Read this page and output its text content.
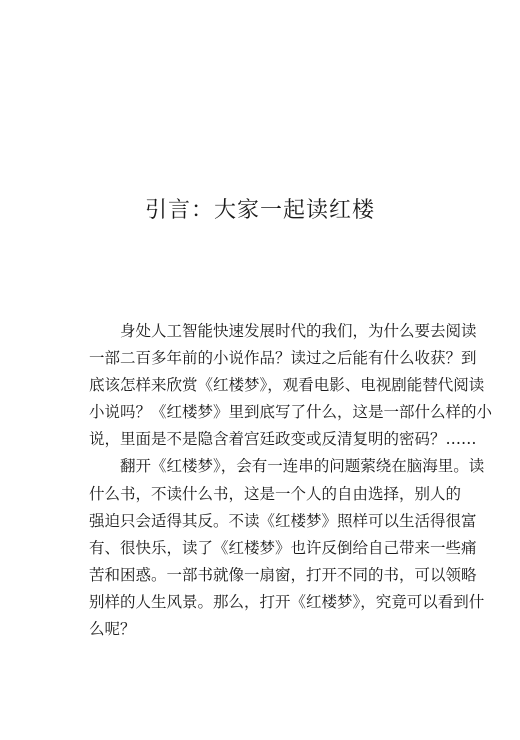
引言：大家一起读红楼
身处人工智能快速发展时代的我们，为什么要去阅读
一部二百多年前的小说作品？读过之后能有什么收获？到
底该怎样来欣赏《红楼梦》，观看电影、电视剧能替代阅读
小说吗？《红楼梦》里到底写了什么，这是一部什么样的小
说，里面是不是隐含着宫廷政变或反清复明的密码？……
翻开《红楼梦》，会有一连串的问题萦绕在脑海里。读
什么书，不读什么书，这是一个人的自由选择，别人的
强迫只会适得其反。不读《红楼梦》照样可以生活得很富
有、很快乐，读了《红楼梦》也许反倒给自己带来一些痛
苦和困惑。一部书就像一扇窗，打开不同的书，可以领略
别样的人生风景。那么，打开《红楼梦》，究竟可以看到什
么呢？
